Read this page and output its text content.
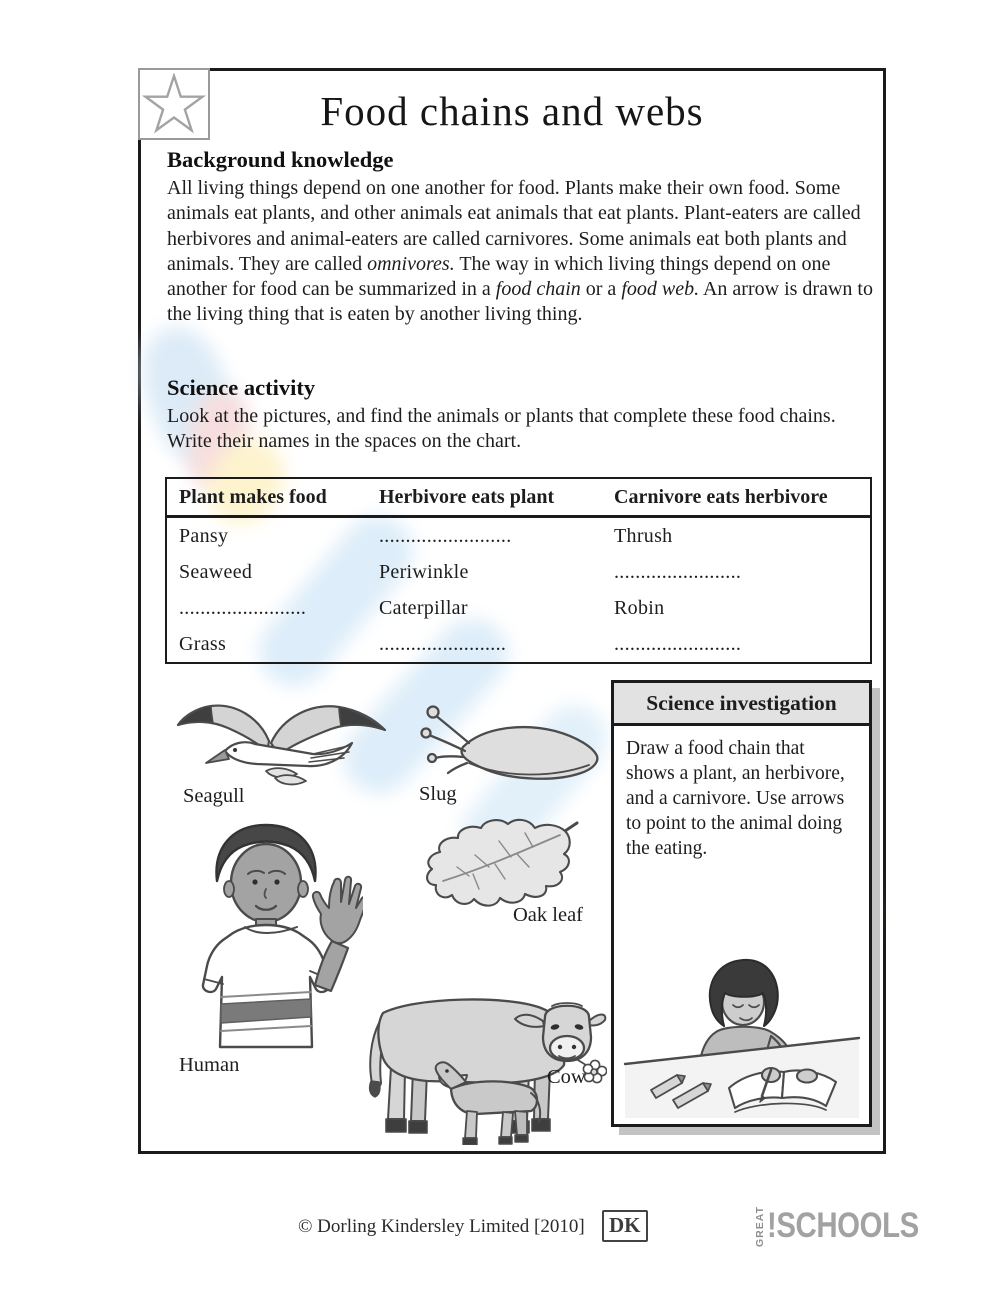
Food chains and webs
Background knowledge
All living things depend on one another for food. Plants make their own food. Some animals eat plants, and other animals eat animals that eat plants. Plant-eaters are called herbivores and animal-eaters are called carnivores. Some animals eat both plants and animals. They are called omnivores. The way in which living things depend on one another for food can be summarized in a food chain or a food web. An arrow is drawn to the living thing that is eaten by another living thing.
Science activity
Look at the pictures, and find the animals or plants that complete these food chains. Write their names in the spaces on the chart.
Plant makes food	Herbivore eats plant	Carnivore eats herbivore
Pansy	.........................	Thrush
Seaweed	Periwinkle	........................
........................	Caterpillar	Robin
Grass	........................	........................
Seagull	Slug
Science investigation
Draw a food chain that shows a plant, an herbivore, and a carnivore. Use arrows to point to the animal doing the eating.
Human
Oak leaf
Cow
© Dorling Kindersley Limited [2010]	DK	GREAT !SCHOOLS
